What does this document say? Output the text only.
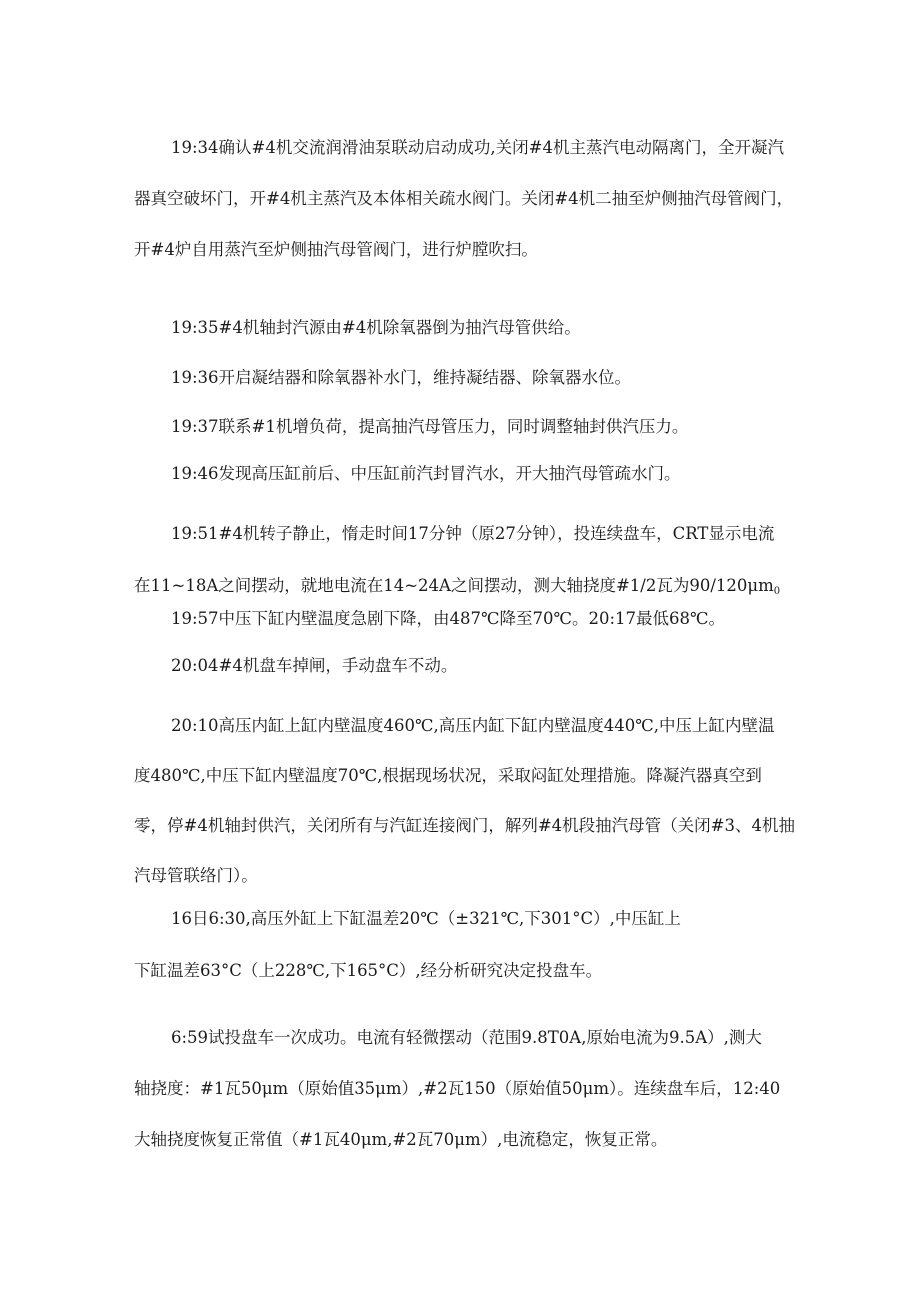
19:34确认#4机交流润滑油泵联动启动成功,关闭#4机主蒸汽电动隔离门，全开凝汽
器真空破坏门，开#4机主蒸汽及本体相关疏水阀门。关闭#4机二抽至炉侧抽汽母管阀门，
开#4炉自用蒸汽至炉侧抽汽母管阀门，进行炉膛吹扫。
19:35#4机轴封汽源由#4机除氧器倒为抽汽母管供给。
19:36开启凝结器和除氧器补水门，维持凝结器、除氧器水位。
19:37联系#1机增负荷，提高抽汽母管压力，同时调整轴封供汽压力。
19:46发现高压缸前后、中压缸前汽封冒汽水，开大抽汽母管疏水门。
19:51#4机转子静止，惰走时间17分钟（原27分钟），投连续盘车，CRT显示电流
在11~18A之间摆动，就地电流在14~24A之间摆动，测大轴挠度#1/2瓦为$90/120\mu m_0$
19:57中压下缸内壁温度急剧下降，由487℃降至70℃。20:17最低68℃。
20:04#4机盘车掉闸，手动盘车不动。
20:10高压内缸上缸内壁温度460℃,高压内缸下缸内壁温度440℃,中压上缸内壁温
度480℃,中压下缸内壁温度70℃,根据现场状况，采取闷缸处理措施。降凝汽器真空到
零，停#4机轴封供汽，关闭所有与汽缸连接阀门，解列#4机段抽汽母管（关闭#3、4机抽
汽母管联络门）。
16日6:30,高压外缸上下缸温差20℃（±321℃,下301°C）,中压缸上
下缸温差63°C（上228℃,下165°C）,经分析研究决定投盘车。
6:59试投盘车一次成功。电流有轻微摆动（范围9.8T0A,原始电流为9.5A）,测大
轴挠度：#1瓦50μm（原始值35μm）,#2瓦150（原始值50μm）。连续盘车后，12:40
大轴挠度恢复正常值（#1瓦40μm,#2瓦70μm）,电流稳定，恢复正常。
